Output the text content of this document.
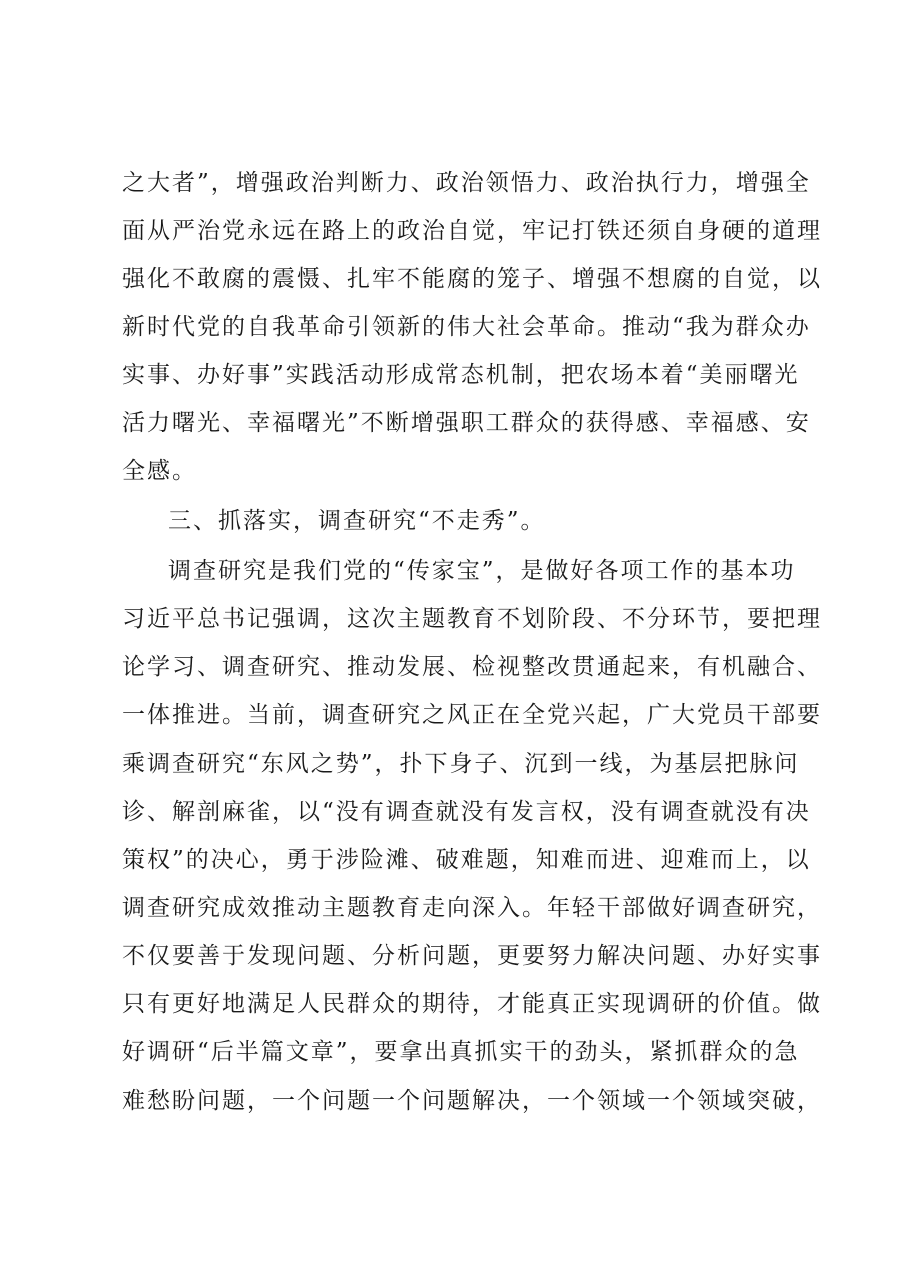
之大者”，增强政治判断力、政治领悟力、政治执行力，增强全
面从严治党永远在路上的政治自觉，牢记打铁还须自身硬的道理
强化不敢腐的震慑、扎牢不能腐的笼子、增强不想腐的自觉，以
新时代党的自我革命引领新的伟大社会革命。推动“我为群众办
实事、办好事”实践活动形成常态机制，把农场本着“美丽曙光
活力曙光、幸福曙光”不断增强职工群众的获得感、幸福感、安
全感。
三、抓落实，调查研究“不走秀”。
调查研究是我们党的“传家宝”，是做好各项工作的基本功
习近平总书记强调，这次主题教育不划阶段、不分环节，要把理
论学习、调查研究、推动发展、检视整改贯通起来，有机融合、
一体推进。当前，调查研究之风正在全党兴起，广大党员干部要
乘调查研究“东风之势”，扑下身子、沉到一线，为基层把脉问
诊、解剖麻雀，以“没有调查就没有发言权，没有调查就没有决
策权”的决心，勇于涉险滩、破难题，知难而进、迎难而上，以
调查研究成效推动主题教育走向深入。年轻干部做好调查研究，
不仅要善于发现问题、分析问题，更要努力解决问题、办好实事
只有更好地满足人民群众的期待，才能真正实现调研的价值。做
好调研“后半篇文章”，要拿出真抓实干的劲头，紧抓群众的急
难愁盼问题，一个问题一个问题解决，一个领域一个领域突破，
